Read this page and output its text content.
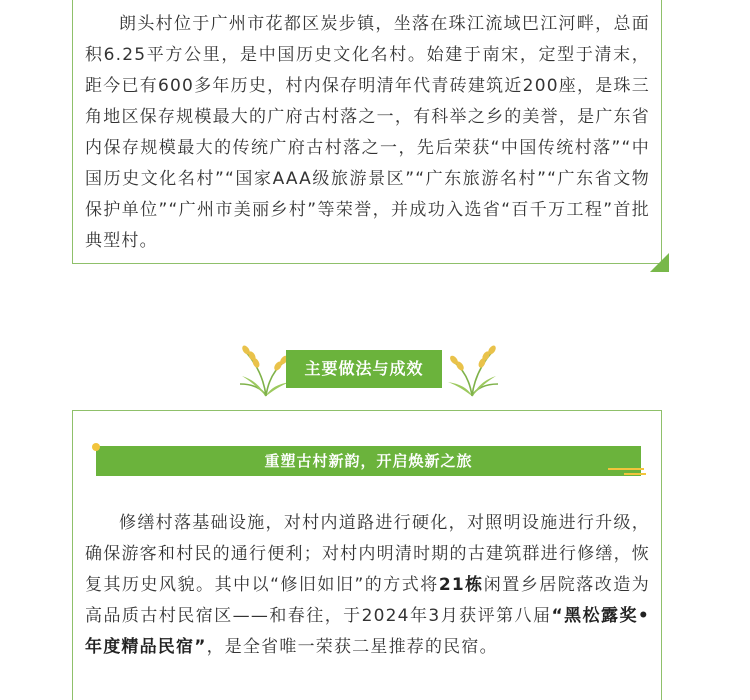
朗头村位于广州市花都区炭步镇，坐落在珠江流域巴江河畔，总面积6.25平方公里，是中国历史文化名村。始建于南宋，定型于清末，距今已有600多年历史，村内保存明清年代青砖建筑近200座，是珠三角地区保存规模最大的广府古村落之一，有科举之乡的美誉，是广东省内保存规模最大的传统广府古村落之一，先后荣获“中国传统村落”“中国历史文化名村”“国家AAA级旅游景区”“广东旅游名村”“广东省文物保护单位”“广州市美丽乡村”等荣誉，并成功入选省“百千万工程”首批典型村。

主要做法与成效
重塑古村新韵，开启焕新之旅

修缮村落基础设施，对村内道路进行硬化，对照明设施进行升级，确保游客和村民的通行便利；对村内明清时期的古建筑群进行修缮，恢复其历史风貌。其中以“修旧如旧”的方式将21栋闲置乡居院落改造为高品质古村民宿区——和春往，于2024年3月获评第八届“黑松露奖•年度精品民宿”，是全省唯一荣获二星推荐的民宿。
